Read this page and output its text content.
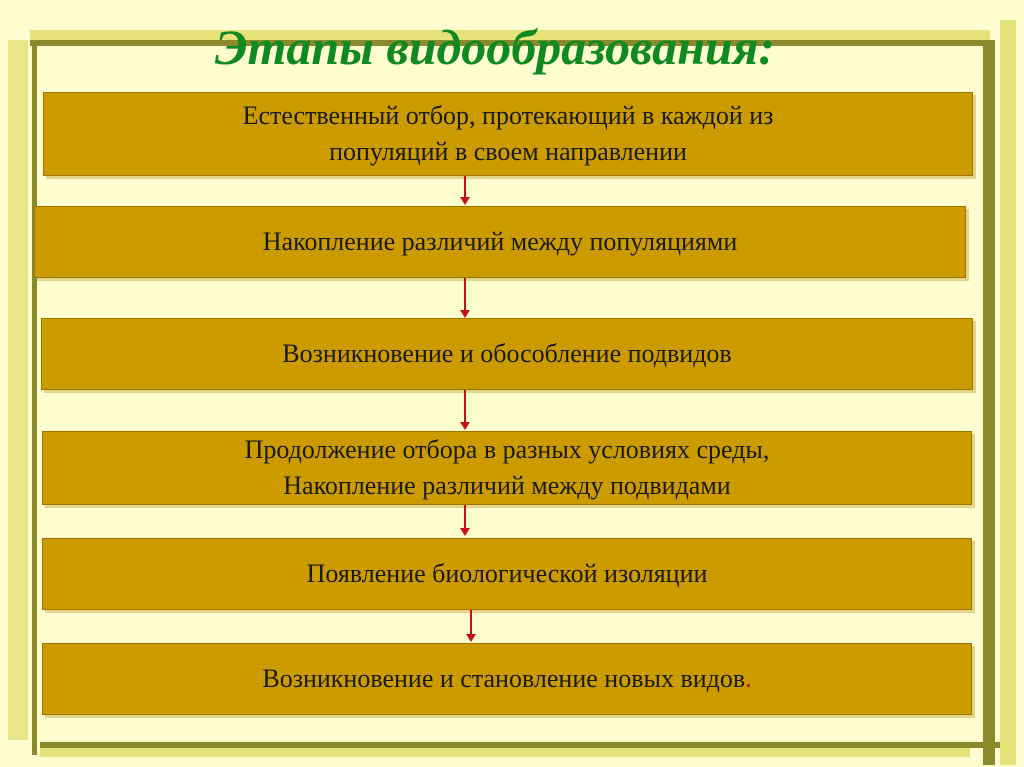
Этапы видообразования:
Естественный отбор, протекающий в каждой из
популяций в своем направлении
Накопление различий между популяциями
Возникновение и обособление подвидов
Продолжение отбора в разных условиях среды,
Накопление различий между подвидами
Появление биологической изоляции
Возникновение и становление новых видов.
